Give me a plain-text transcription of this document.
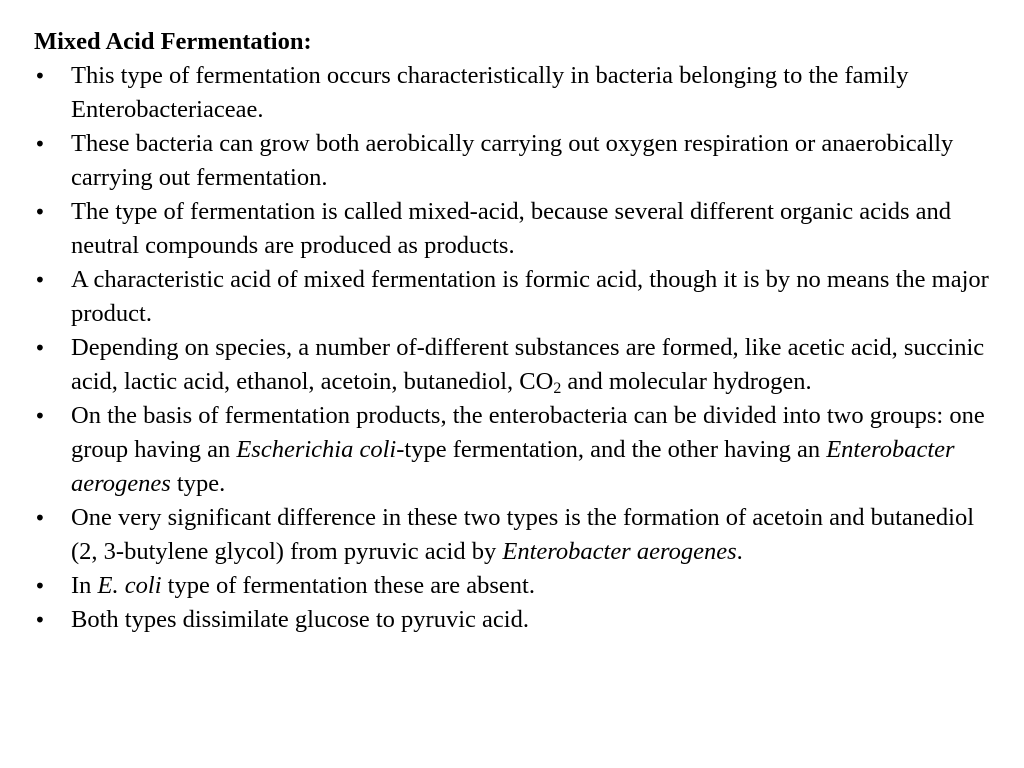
Mixed Acid Fermentation:
•	This type of fermentation occurs characteristically in bacteria belonging to the family Enterobacteriaceae.
•	These bacteria can grow both aerobically carrying out oxygen respiration or anaerobically carrying out fermentation.
•	The type of fermentation is called mixed-acid, because several different organic acids and neutral compounds are produced as products.
•	A characteristic acid of mixed fermentation is formic acid, though it is by no means the major product.
•	Depending on species, a number of-different substances are formed, like acetic acid, succinic acid, lactic acid, ethanol, acetoin, butanediol, $CO_2$ and molecular hydrogen.
•	On the basis of fermentation products, the enterobacteria can be divided into two groups: one group having an Escherichia coli-type fermentation, and the other having an Enterobacter aerogenes type.
•	One very significant difference in these two types is the formation of acetoin and butanediol (2, 3-butylene glycol) from pyruvic acid by Enterobacter aerogenes.
•	In E. coli type of fermentation these are absent.
•	Both types dissimilate glucose to pyruvic acid.
